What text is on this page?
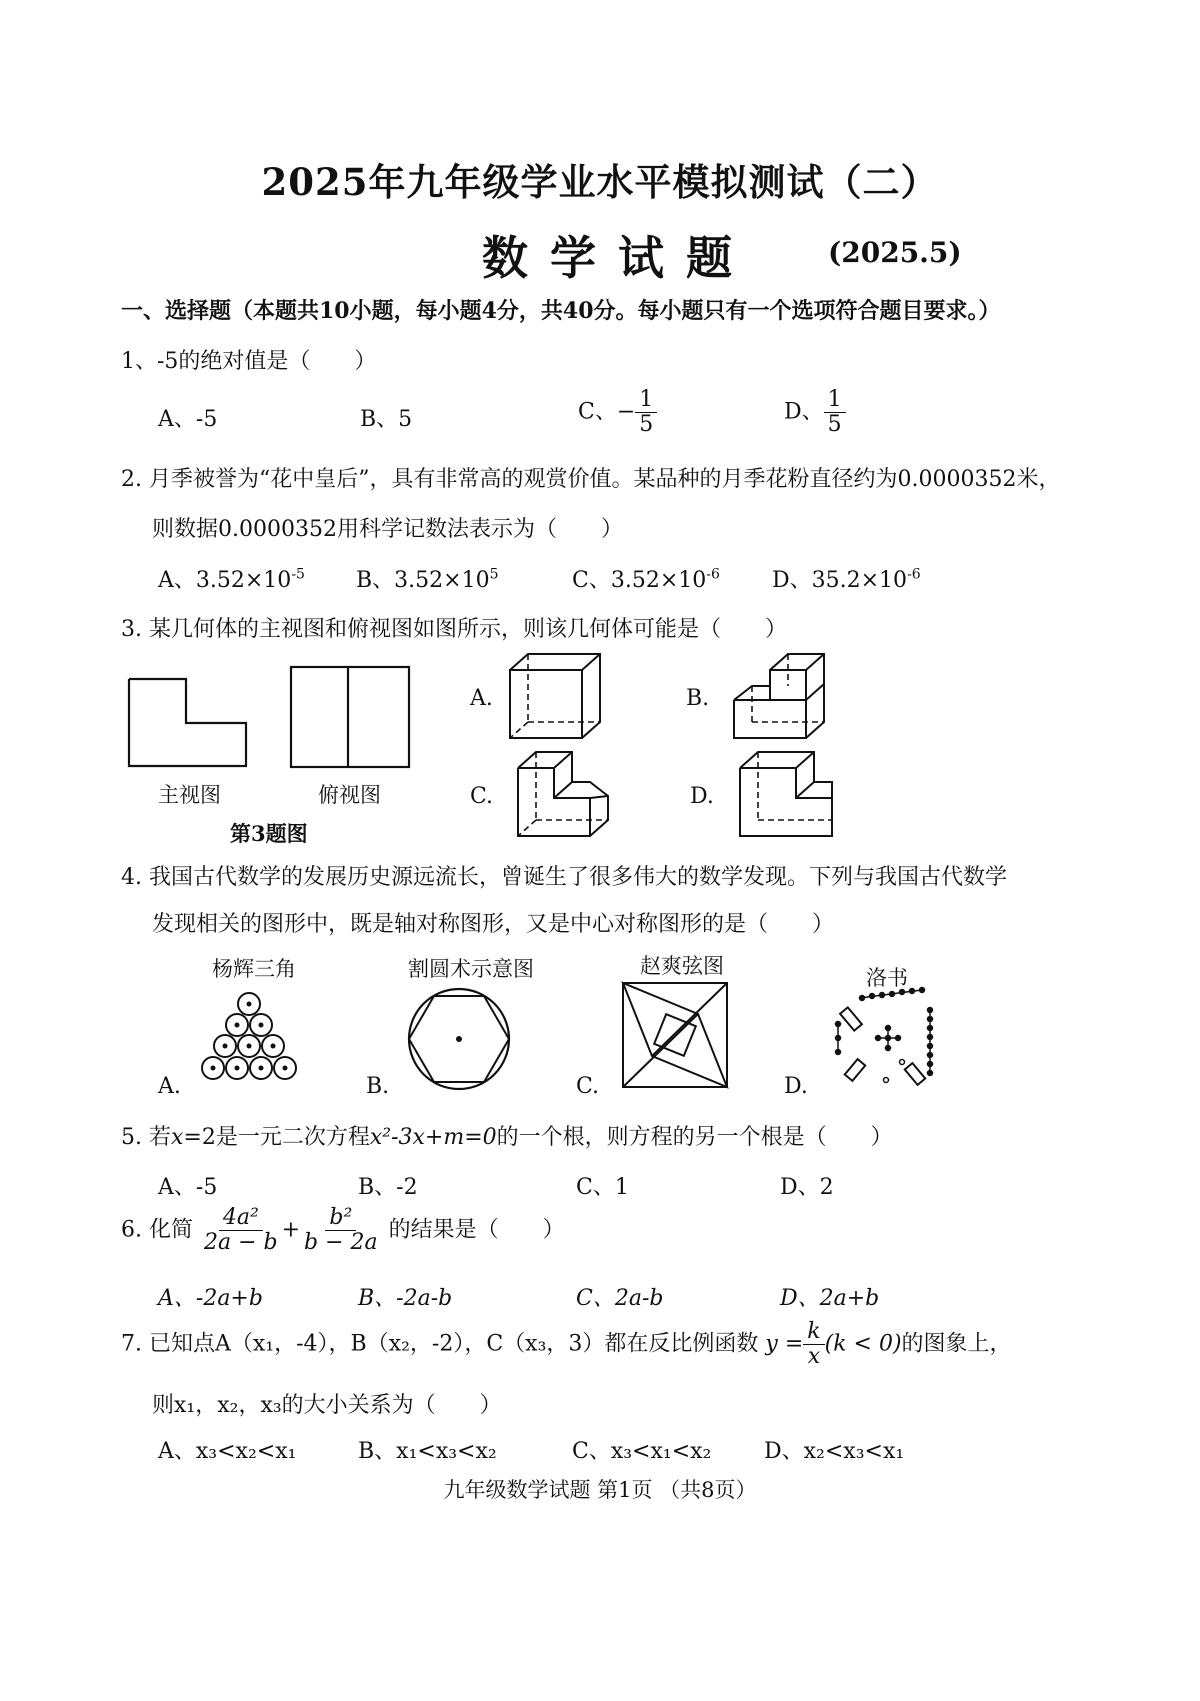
2025年九年级学业水平模拟测试（二）
数学试题	(2025.5)
一、选择题（本题共10小题，每小题4分，共40分。每小题只有一个选项符合题目要求。）
1、-5的绝对值是（　　）
A、-5	B、5	C、− $\frac{1}{5}$	D、 $\frac{1}{5}$
2. 月季被誉为“花中皇后”，具有非常高的观赏价值。某品种的月季花粉直径约为0.0000352米，
则数据0.0000352用科学记数法表示为（　　）
A、$3.52\times 10^{-5}$ B、$3.52\times 10^5$	C、$3.52\times 10^{-6}$ D、$35.2\times 10^{-6}$
3. 某几何体的主视图和俯视图如图所示，则该几何体可能是（　　）
主视图	俯视图
第3题图
A.	B.
C.	D.
4. 我国古代数学的发展历史源远流长，曾诞生了很多伟大的数学发现。下列与我国古代数学
发现相关的图形中，既是轴对称图形，又是中心对称图形的是（　　）
杨辉三角	割圆术示意图	赵爽弦图	洛书
A.	B.	C.	D.
5. 若x=2是一元二次方程x²-3x+m=0的一个根，则方程的另一个根是（　　）
A、-5	B、-2	C、1	D、2
6. 化简 $\frac{\text{4a²}}{2a - b} + \frac{\text{b²}}{b - 2a}$ 的结果是（　　）
A、-2a+b	B、-2a-b	C、2a-b	D、2a+b
7. 已知点A（x₁，-4），B（x₂，-2），C（x₃，3）都在反比例函数 $y = \frac{k}{x} (k < 0)$的图象上，
则x₁，x₂，x₃的大小关系为（　　）
A、x₃<x₂<x₁	B、x₁<x₃<x₂	C、x₃<x₁<x₂ D、x₂<x₃<x₁
九年级数学试题 第1页 （共8页）
